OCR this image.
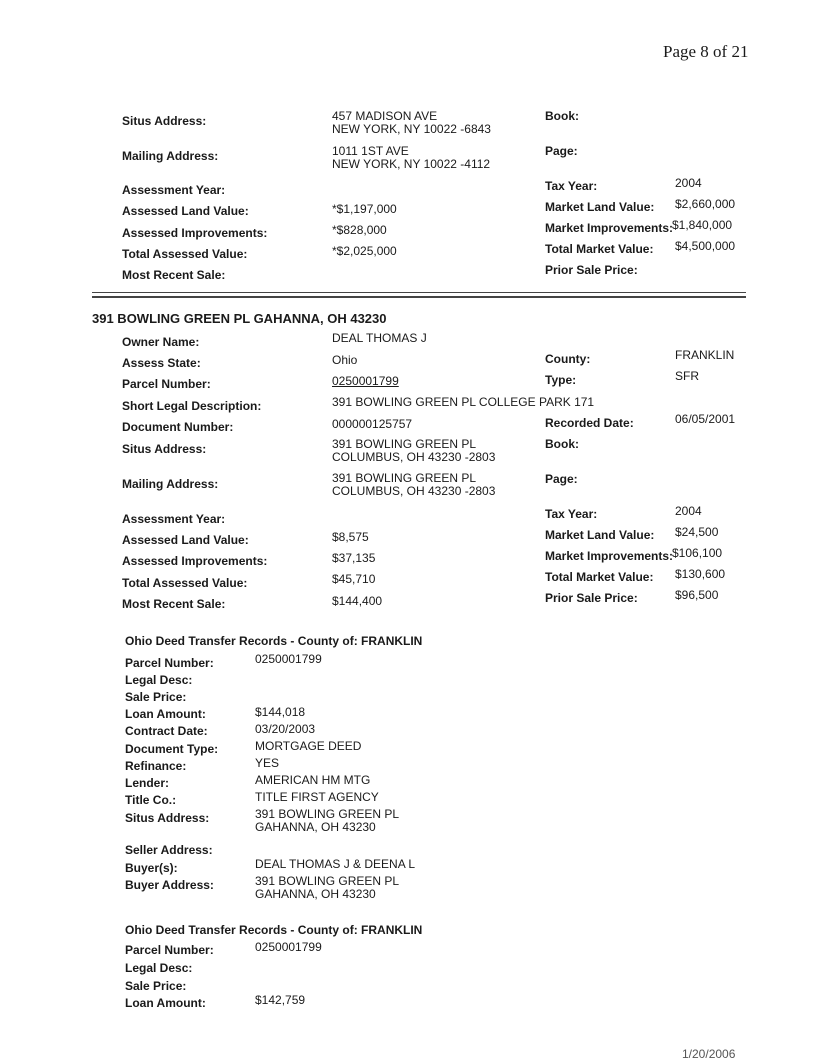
Page 8 of 21
Situs Address:	457 MADISON AVE
NEW YORK, NY 10022 -6843
Mailing Address:	1011 1ST AVE
NEW YORK, NY 10022 -4112
Assessment Year:
Assessed Land Value:	*$1,197,000
Assessed Improvements:	*$828,000
Total Assessed Value:	*$2,025,000
Most Recent Sale:
Book:
Page:
Tax Year:	2004
Market Land Value: $2,660,000
Market Improvements:
$1,840,000
Total Market Value: $4,500,000
Prior Sale Price:
391 BOWLING GREEN PL GAHANNA, OH 43230
Owner Name:	DEAL THOMAS J
Assess State:	Ohio
Parcel Number:	0250001799
Short Legal Description:	391 BOWLING GREEN PL COLLEGE PARK 171
Document Number:	000000125757
Situs Address:	391 BOWLING GREEN PL
COLUMBUS, OH 43230 -2803
Mailing Address:	391 BOWLING GREEN PL
COLUMBUS, OH 43230 -2803
Assessment Year:
Assessed Land Value:	$8,575
Assessed Improvements:	$37,135
Total Assessed Value:	$45,710
Most Recent Sale:	$144,400
County:	FRANKLIN
Type:	SFR
Recorded Date:	06/05/2001
Book:
Page:
Tax Year:	2004
Market Land Value: $24,500
Market Improvements:
$106,100
Total Market Value: $130,600
Prior Sale Price:	$96,500
Ohio Deed Transfer Records - County of: FRANKLIN
Parcel Number:	0250001799
Legal Desc:
Sale Price:
Loan Amount:	$144,018
Contract Date:	03/20/2003
Document Type:	MORTGAGE DEED
Refinance:	YES
Lender:	AMERICAN HM MTG
Title Co.:	TITLE FIRST AGENCY
Situs Address:	391 BOWLING GREEN PL
GAHANNA, OH 43230
Seller Address:
Buyer(s):	DEAL THOMAS J & DEENA L
Buyer Address:	391 BOWLING GREEN PL
GAHANNA, OH 43230
Ohio Deed Transfer Records - County of: FRANKLIN
Parcel Number:	0250001799
Legal Desc:
Sale Price:
Loan Amount:	$142,759
1/20/2006
